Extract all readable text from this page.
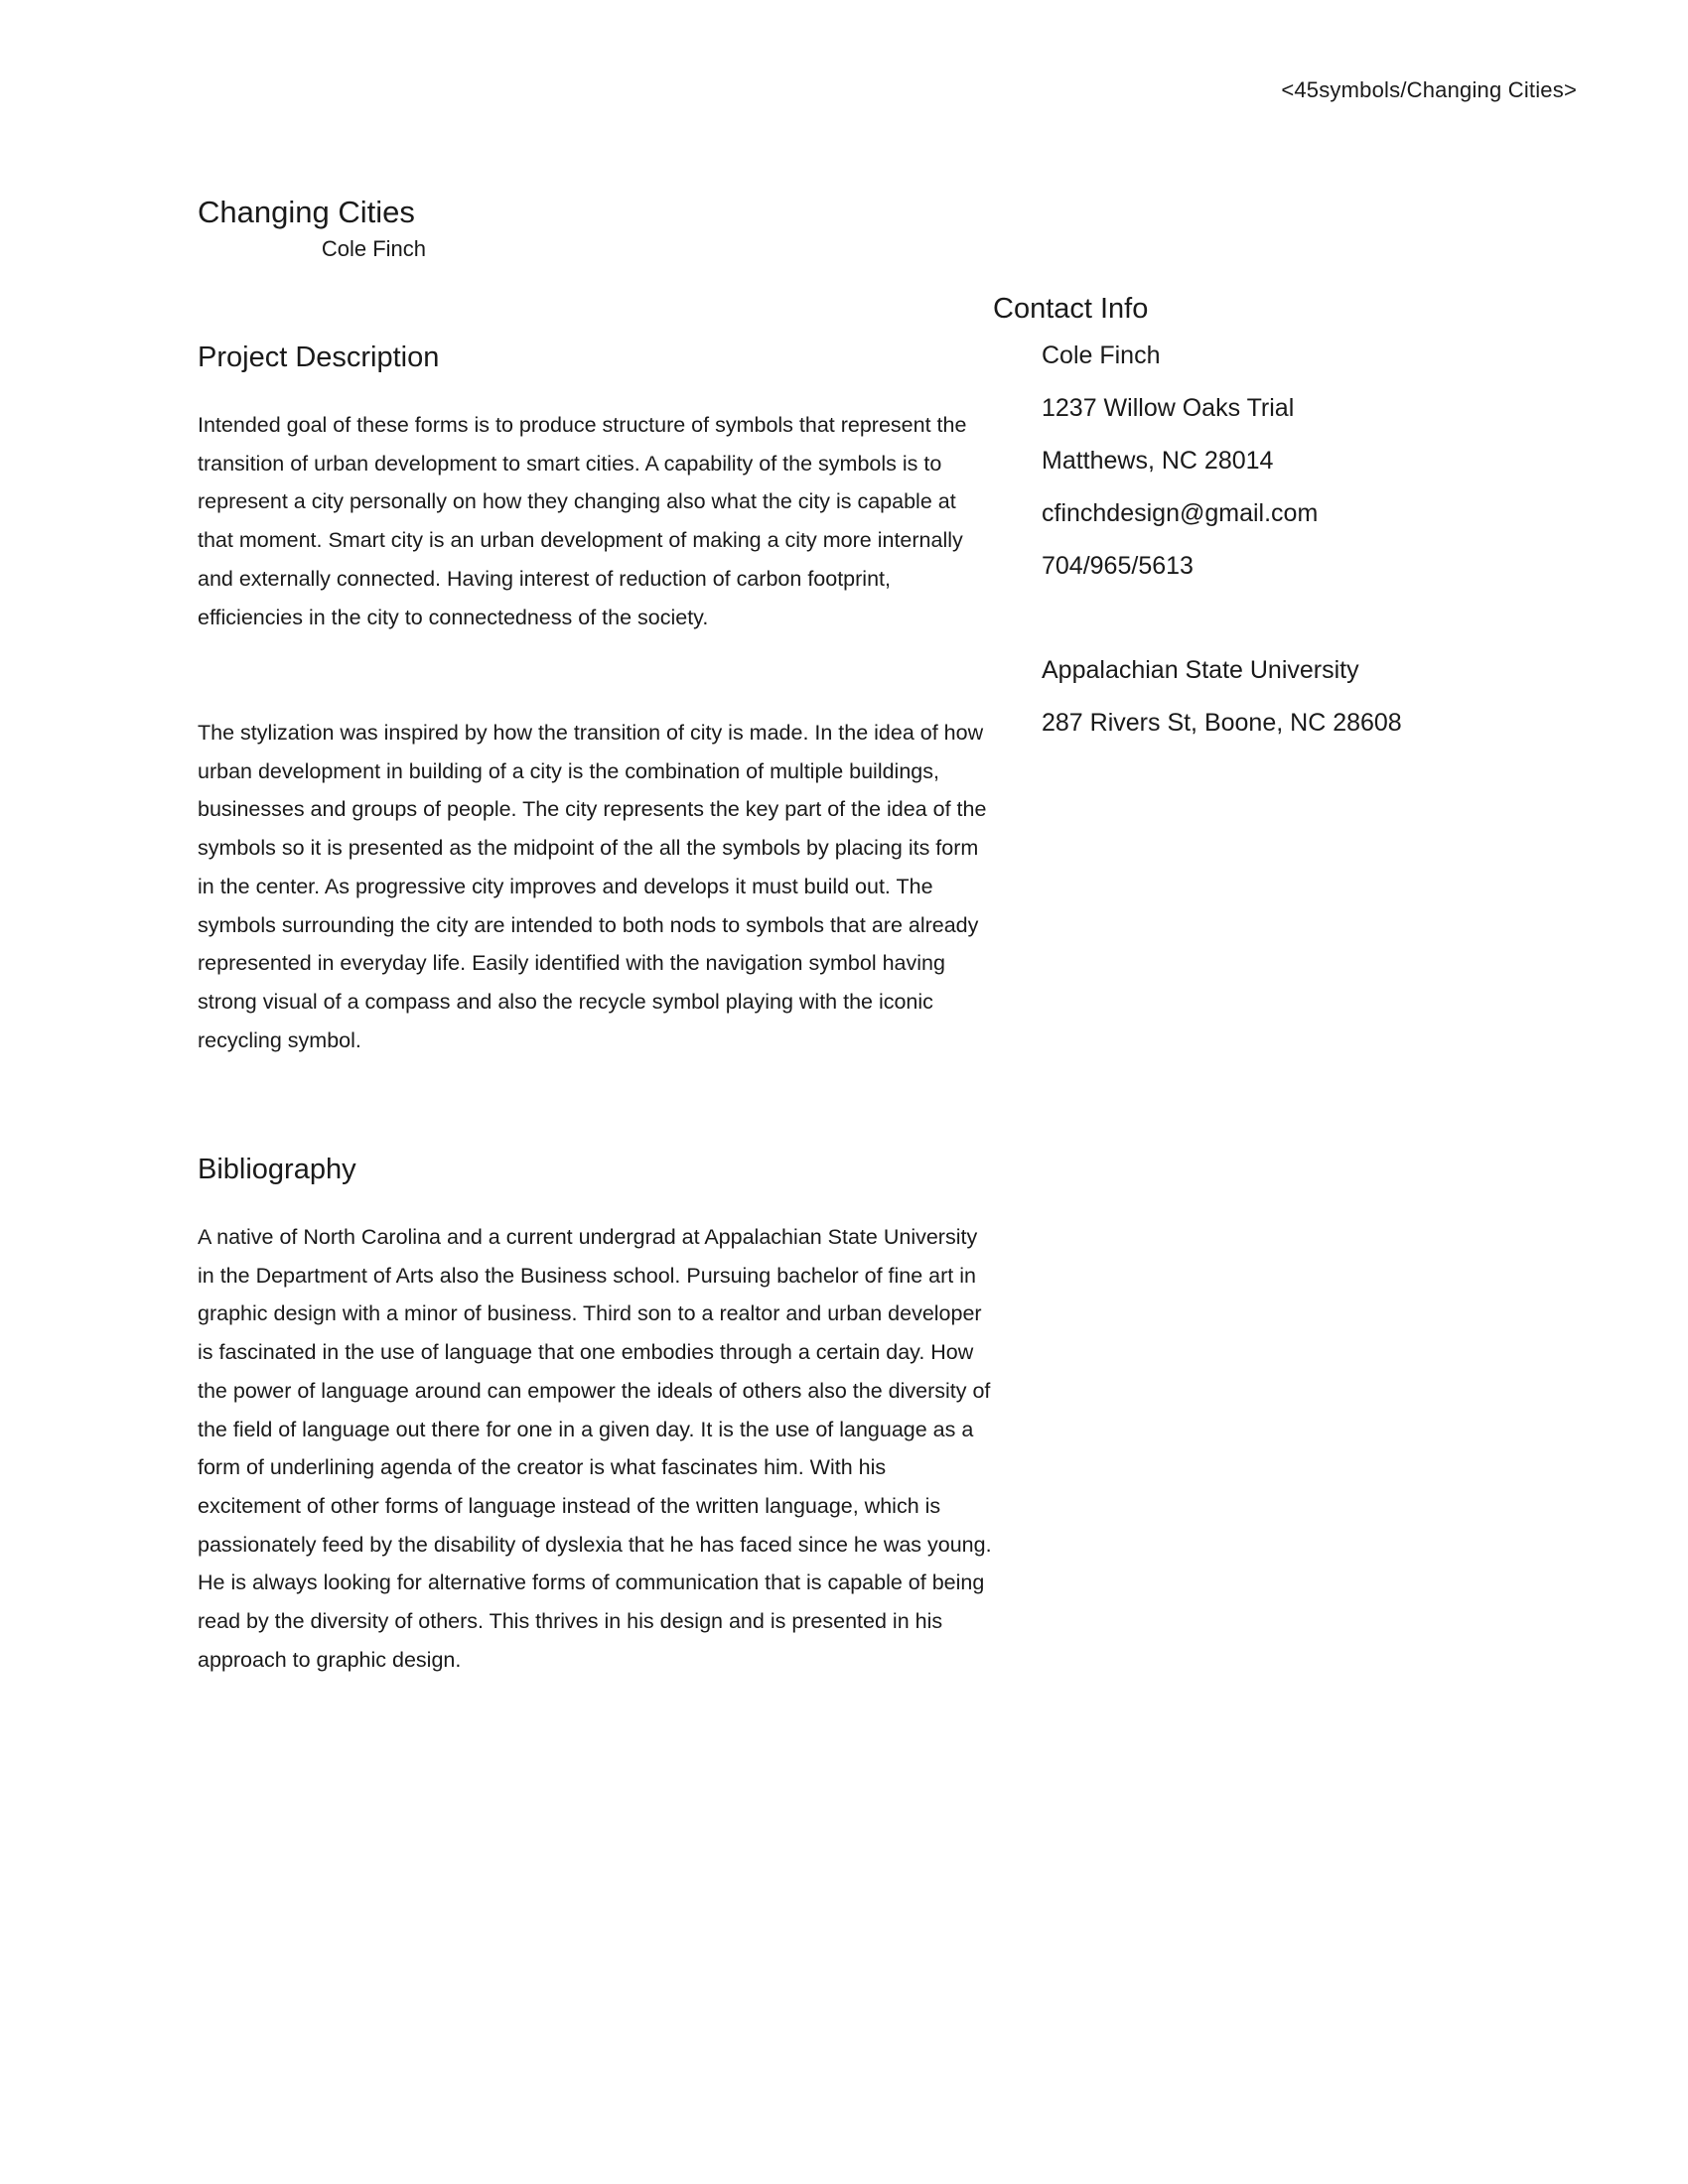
<45symbols/Changing Cities>
Changing Cities
Cole Finch
Project Description

Intended goal of these forms is to produce structure of symbols that represent the transition of urban development to smart cities. A capability of the symbols is to represent a city personally on how they changing also what the city is capable at that moment. Smart city is an urban development of making a city more internally and externally connected. Having interest of reduction of carbon footprint, efficiencies in the city to connectedness of the society.

The stylization was inspired by how the transition of city is made. In the idea of how urban development in building of a city is the combination of multiple buildings, businesses and groups of people. The city represents the key part of the idea of the symbols so it is presented as the midpoint of the all the symbols by placing its form in the center. As progressive city improves and develops it must build out. The symbols surrounding the city are intended to both nods to symbols that are already represented in everyday life. Easily identified with the navigation symbol having strong visual of a compass and also the recycle symbol playing with the iconic recycling symbol.

Bibliography

A native of North Carolina and a current undergrad at Appalachian State University in the Department of Arts also the Business school. Pursuing bachelor of fine art in graphic design with a minor of business. Third son to a realtor and urban developer is fascinated in the use of language that one embodies through a certain day. How the power of language around can empower the ideals of others also the diversity of the field of language out there for one in a given day. It is the use of language as a form of underlining agenda of the creator is what fascinates him. With his excitement of other forms of language instead of the written language, which is passionately feed by the disability of dyslexia that he has faced since he was young. He is always looking for alternative forms of communication that is capable of being read by the diversity of others. This thrives in his design and is presented in his approach to graphic design.

Contact Info
Cole Finch
1237 Willow Oaks Trial
Matthews, NC 28014
cfinchdesign@gmail.com
704/965/5613
Appalachian State University
287 Rivers St, Boone, NC 28608
